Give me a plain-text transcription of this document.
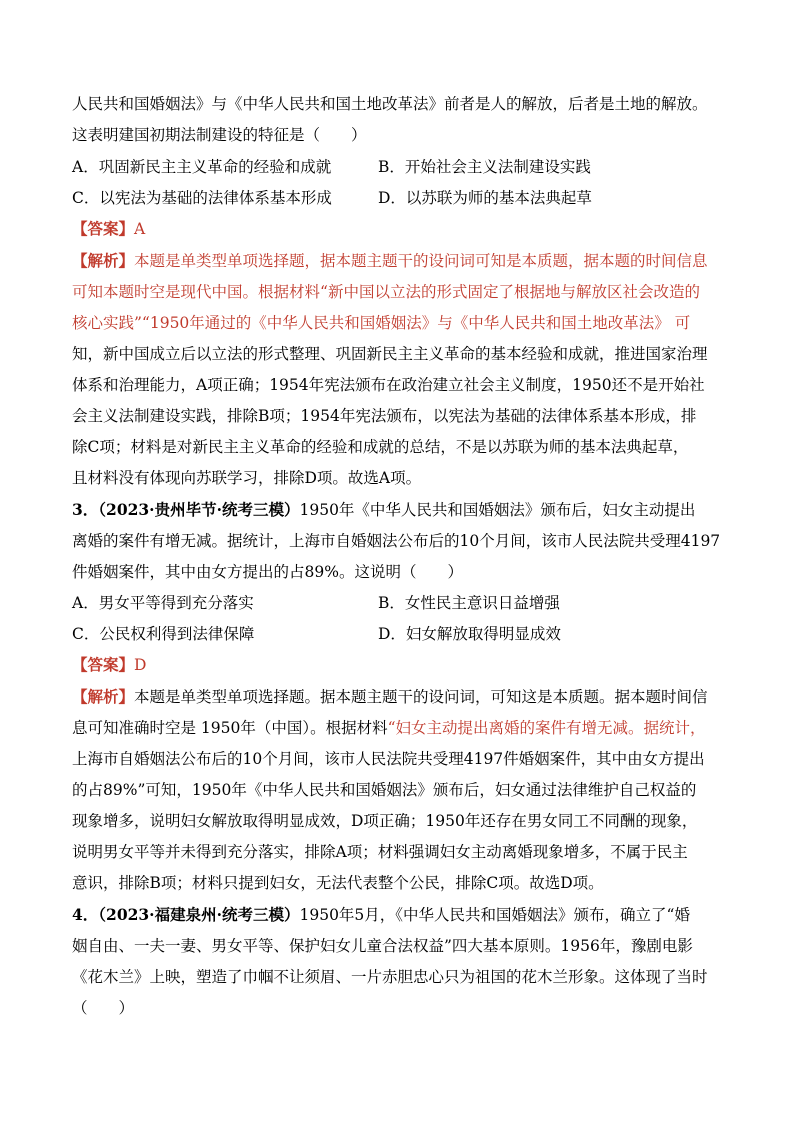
人民共和国婚姻法》与《中华人民共和国土地改革法》前者是人的解放，后者是土地的解放。
这表明建国初期法制建设的特征是（　　）
A．巩固新民主主义革命的经验和成就	B．开始社会主义法制建设实践
C．以宪法为基础的法律体系基本形成	D．以苏联为师的基本法典起草
【答案】A
【解析】本题是单类型单项选择题，据本题主题干的设问词可知是本质题，据本题的时间信息
可知本题时空是现代中国。根据材料“新中国以立法的形式固定了根据地与解放区社会改造的
核心实践”“1950年通过的《中华人民共和国婚姻法》与《中华人民共和国土地改革法》 可
知，新中国成立后以立法的形式整理、巩固新民主主义革命的基本经验和成就，推进国家治理
体系和治理能力，A项正确；1954年宪法颁布在政治建立社会主义制度，1950还不是开始社
会主义法制建设实践，排除B项；1954年宪法颁布，以宪法为基础的法律体系基本形成，排
除C项；材料是对新民主主义革命的经验和成就的总结，不是以苏联为师的基本法典起草，
且材料没有体现向苏联学习，排除D项。故选A项。
3．（2023·贵州毕节·统考三模）1950年《中华人民共和国婚姻法》颁布后，妇女主动提出
离婚的案件有增无减。据统计，上海市自婚姻法公布后的10个月间，该市人民法院共受理4197
件婚姻案件，其中由女方提出的占89%。这说明（　　）
A．男女平等得到充分落实	B．女性民主意识日益增强
C．公民权利得到法律保障	D．妇女解放取得明显成效
【答案】D
【解析】本题是单类型单项选择题。据本题主题干的设问词，可知这是本质题。据本题时间信
息可知准确时空是 1950年（中国）。根据材料“妇女主动提出离婚的案件有增无减。据统计，
上海市自婚姻法公布后的10个月间，该市人民法院共受理4197件婚姻案件，其中由女方提出
的占89%”可知，1950年《中华人民共和国婚姻法》颁布后，妇女通过法律维护自己权益的
现象增多，说明妇女解放取得明显成效，D项正确；1950年还存在男女同工不同酬的现象，
说明男女平等并未得到充分落实，排除A项；材料强调妇女主动离婚现象增多，不属于民主
意识，排除B项；材料只提到妇女，无法代表整个公民，排除C项。故选D项。
4．（2023·福建泉州·统考三模）1950年5月，《中华人民共和国婚姻法》颁布，确立了“婚
姻自由、一夫一妻、男女平等、保护妇女儿童合法权益”四大基本原则。1956年，豫剧电影
《花木兰》上映，塑造了巾帼不让须眉、一片赤胆忠心只为祖国的花木兰形象。这体现了当时
（　　）
